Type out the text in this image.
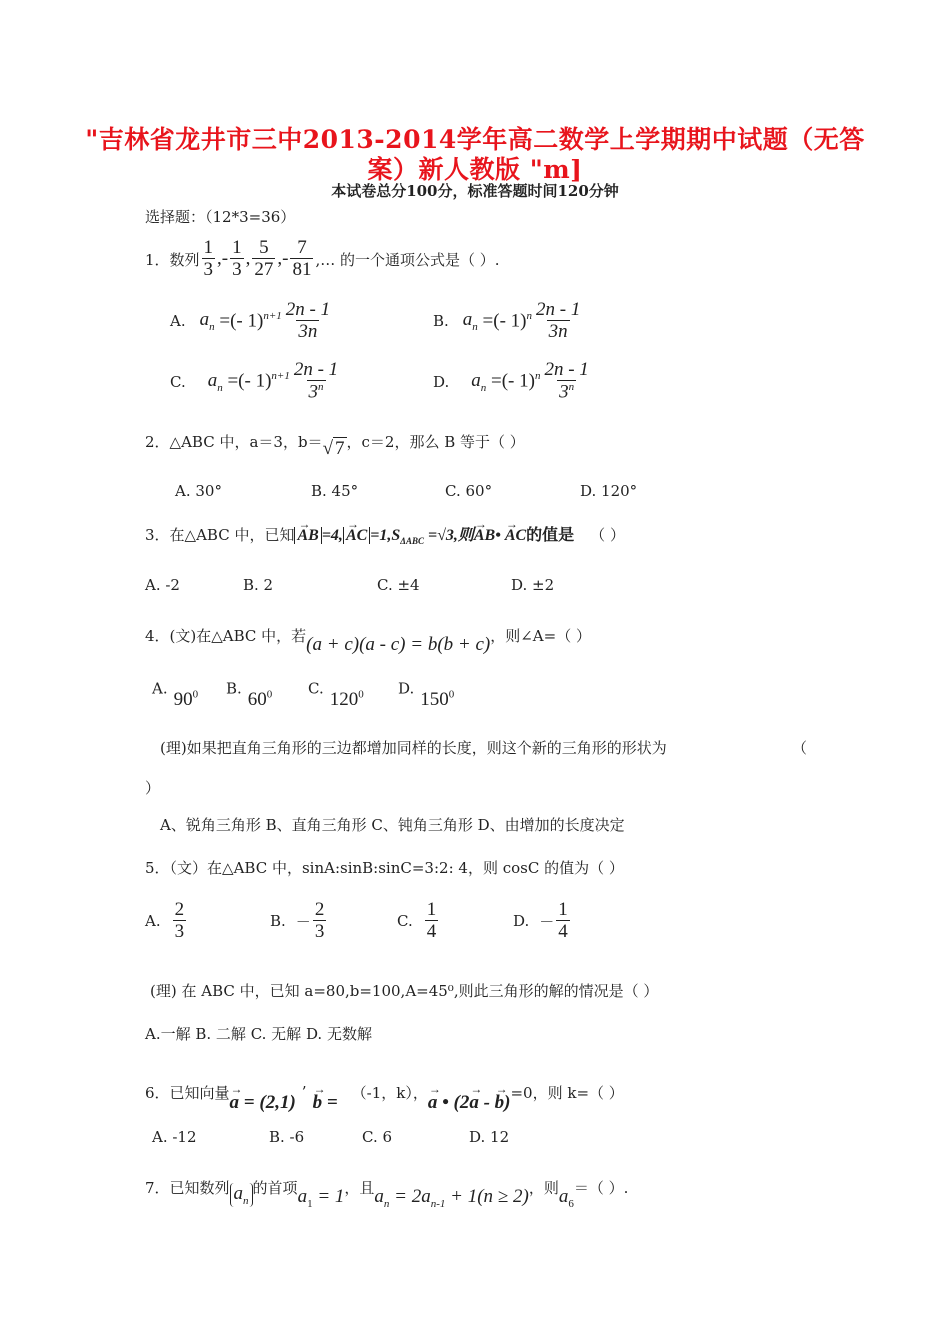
"吉林省龙井市三中2013-2014学年高二数学上学期期中试题（无答
案）新人教版 "m]
本试卷总分100分，标准答题时间120分钟
选择题：（12*3=36）
1．数列 $\frac{1}{3}$ ,- $\frac{1}{3}$ , $\frac{5}{27}$ ,- $\frac{7}{81}$ ,… 的一个通项公式是（ ）.
A. $a_n$ =(- $1)^{n+1} \frac{2n - 1}{3n}$	B. $a_n$ =(- $1)^n \frac{2n - 1}{3n}$
C. $a_n$ =(- $1)^{n+1} \frac{2n - 1}{3^n}$	D. $a_n$ =(- $1)^n \frac{2n - 1}{3^n}$
2．△ABC 中，a＝3，b＝ √ 7 ，c＝2，那么 B 等于（ ）
A. 30°	B. 45°	C. 60°	D. 120°
3．在△ABC 中，已知 → AB =4, → AC $=1,S_{\Delta ABC} =√3$,则→ AB• → AC的值是 （ ）
A. -2	B. 2	C. ±4	D. ±2
4．(文)在△ABC 中，若 (a + c)(a - c) = b(b + c) ，则∠A=（ ）
$A.90^0$ $B.60^0$ C.120$^0$ D.150$^0$
(理)如果把直角三角形的三边都增加同样的长度，则这个新的三角形的形状为	（
）
A、锐角三角形 B、直角三角形 C、钝角三角形 D、由增加的长度决定
5．（文）在△ABC 中，sinA:sinB:sinC=3:2: 4，则 cosC 的值为（ ）
A. $\frac{2}{3}$	B. － $\frac{2}{3}$	C. $\frac{1}{4}$	D. － $\frac{1}{4}$
(理) 在 ABC 中，已知 a=80,b=100,A=45⁰,则此三角形的解的情况是（ ）
A.一解 B. 二解 C. 无解 D. 无数解
6．已知向量 → a = (2,1) ’ → b = （-1，k）， → a • (2→ a - → b) =0，则 k=（ ）
A. -12	B. -6	C. 6	D. 12
7．已知数列 $a_n$
的首项 $a_1 = 1$ ，且 $a_n = 2a_{n-1} + 1(n \ge 2)$ ，则 $a_6$
＝（ ）.
